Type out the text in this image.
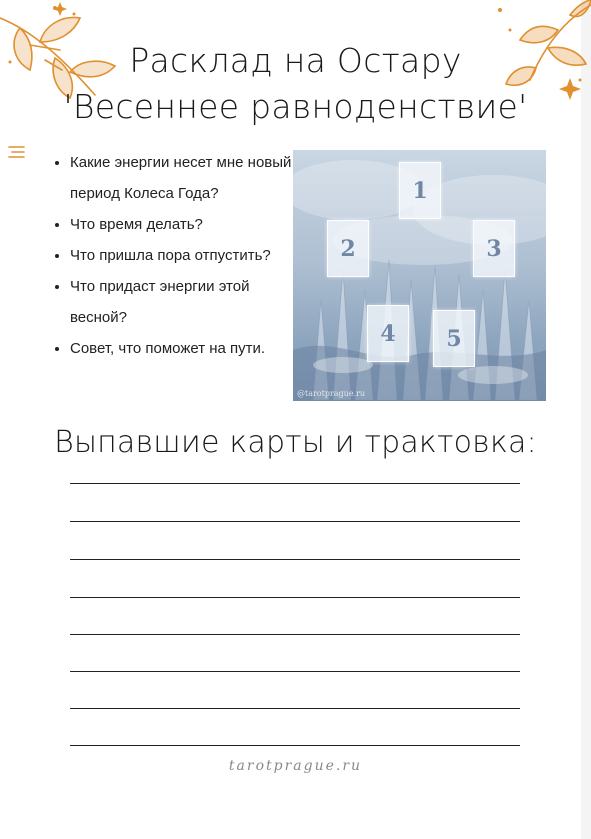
Расклад на Остару
'Весеннее равноденствие'
• Какие энергии несет мне новый период Колеса Года?
• Что время делать?
• Что пришла пора отпустить?
• Что придаст энергии этой весной?
• Совет, что поможет на пути.
1
2	3
4 5
@tarotprague.ru
Выпавшие карты и трактовка:
tarotprague.ru
